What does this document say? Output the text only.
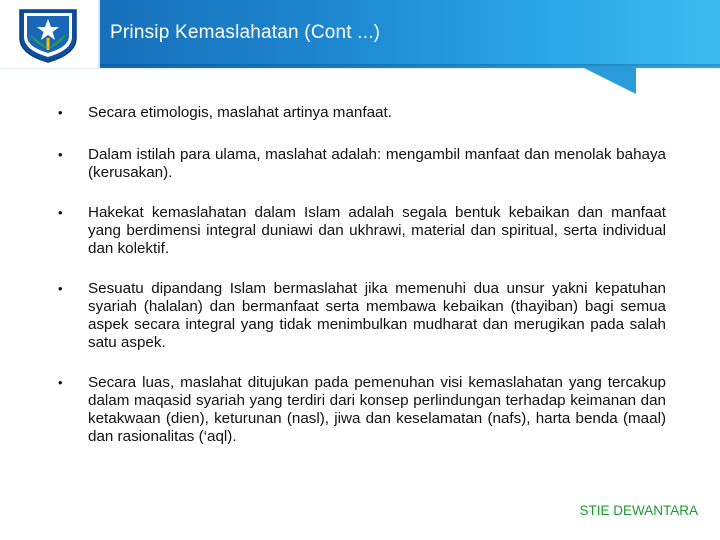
Prinsip Kemaslahatan (Cont ...)
• Secara etimologis, maslahat artinya manfaat.
• Dalam istilah para ulama, maslahat adalah: mengambil manfaat dan menolak bahaya (kerusakan).
• Hakekat kemaslahatan dalam Islam adalah segala bentuk kebaikan dan manfaat yang berdimensi integral duniawi dan ukhrawi, material dan spiritual, serta individual dan kolektif.
• Sesuatu dipandang Islam bermaslahat jika memenuhi dua unsur yakni kepatuhan syariah (halalan) dan bermanfaat serta membawa kebaikan (thayiban) bagi semua aspek secara integral yang tidak menimbulkan mudharat dan merugikan pada salah satu aspek.
• Secara luas, maslahat ditujukan pada pemenuhan visi kemaslahatan yang tercakup dalam maqasid syariah yang terdiri dari konsep perlindungan terhadap keimanan dan ketakwaan (dien), keturunan (nasl), jiwa dan keselamatan (nafs), harta benda (maal) dan rasionalitas (‘aql).
STIE DEWANTARA
